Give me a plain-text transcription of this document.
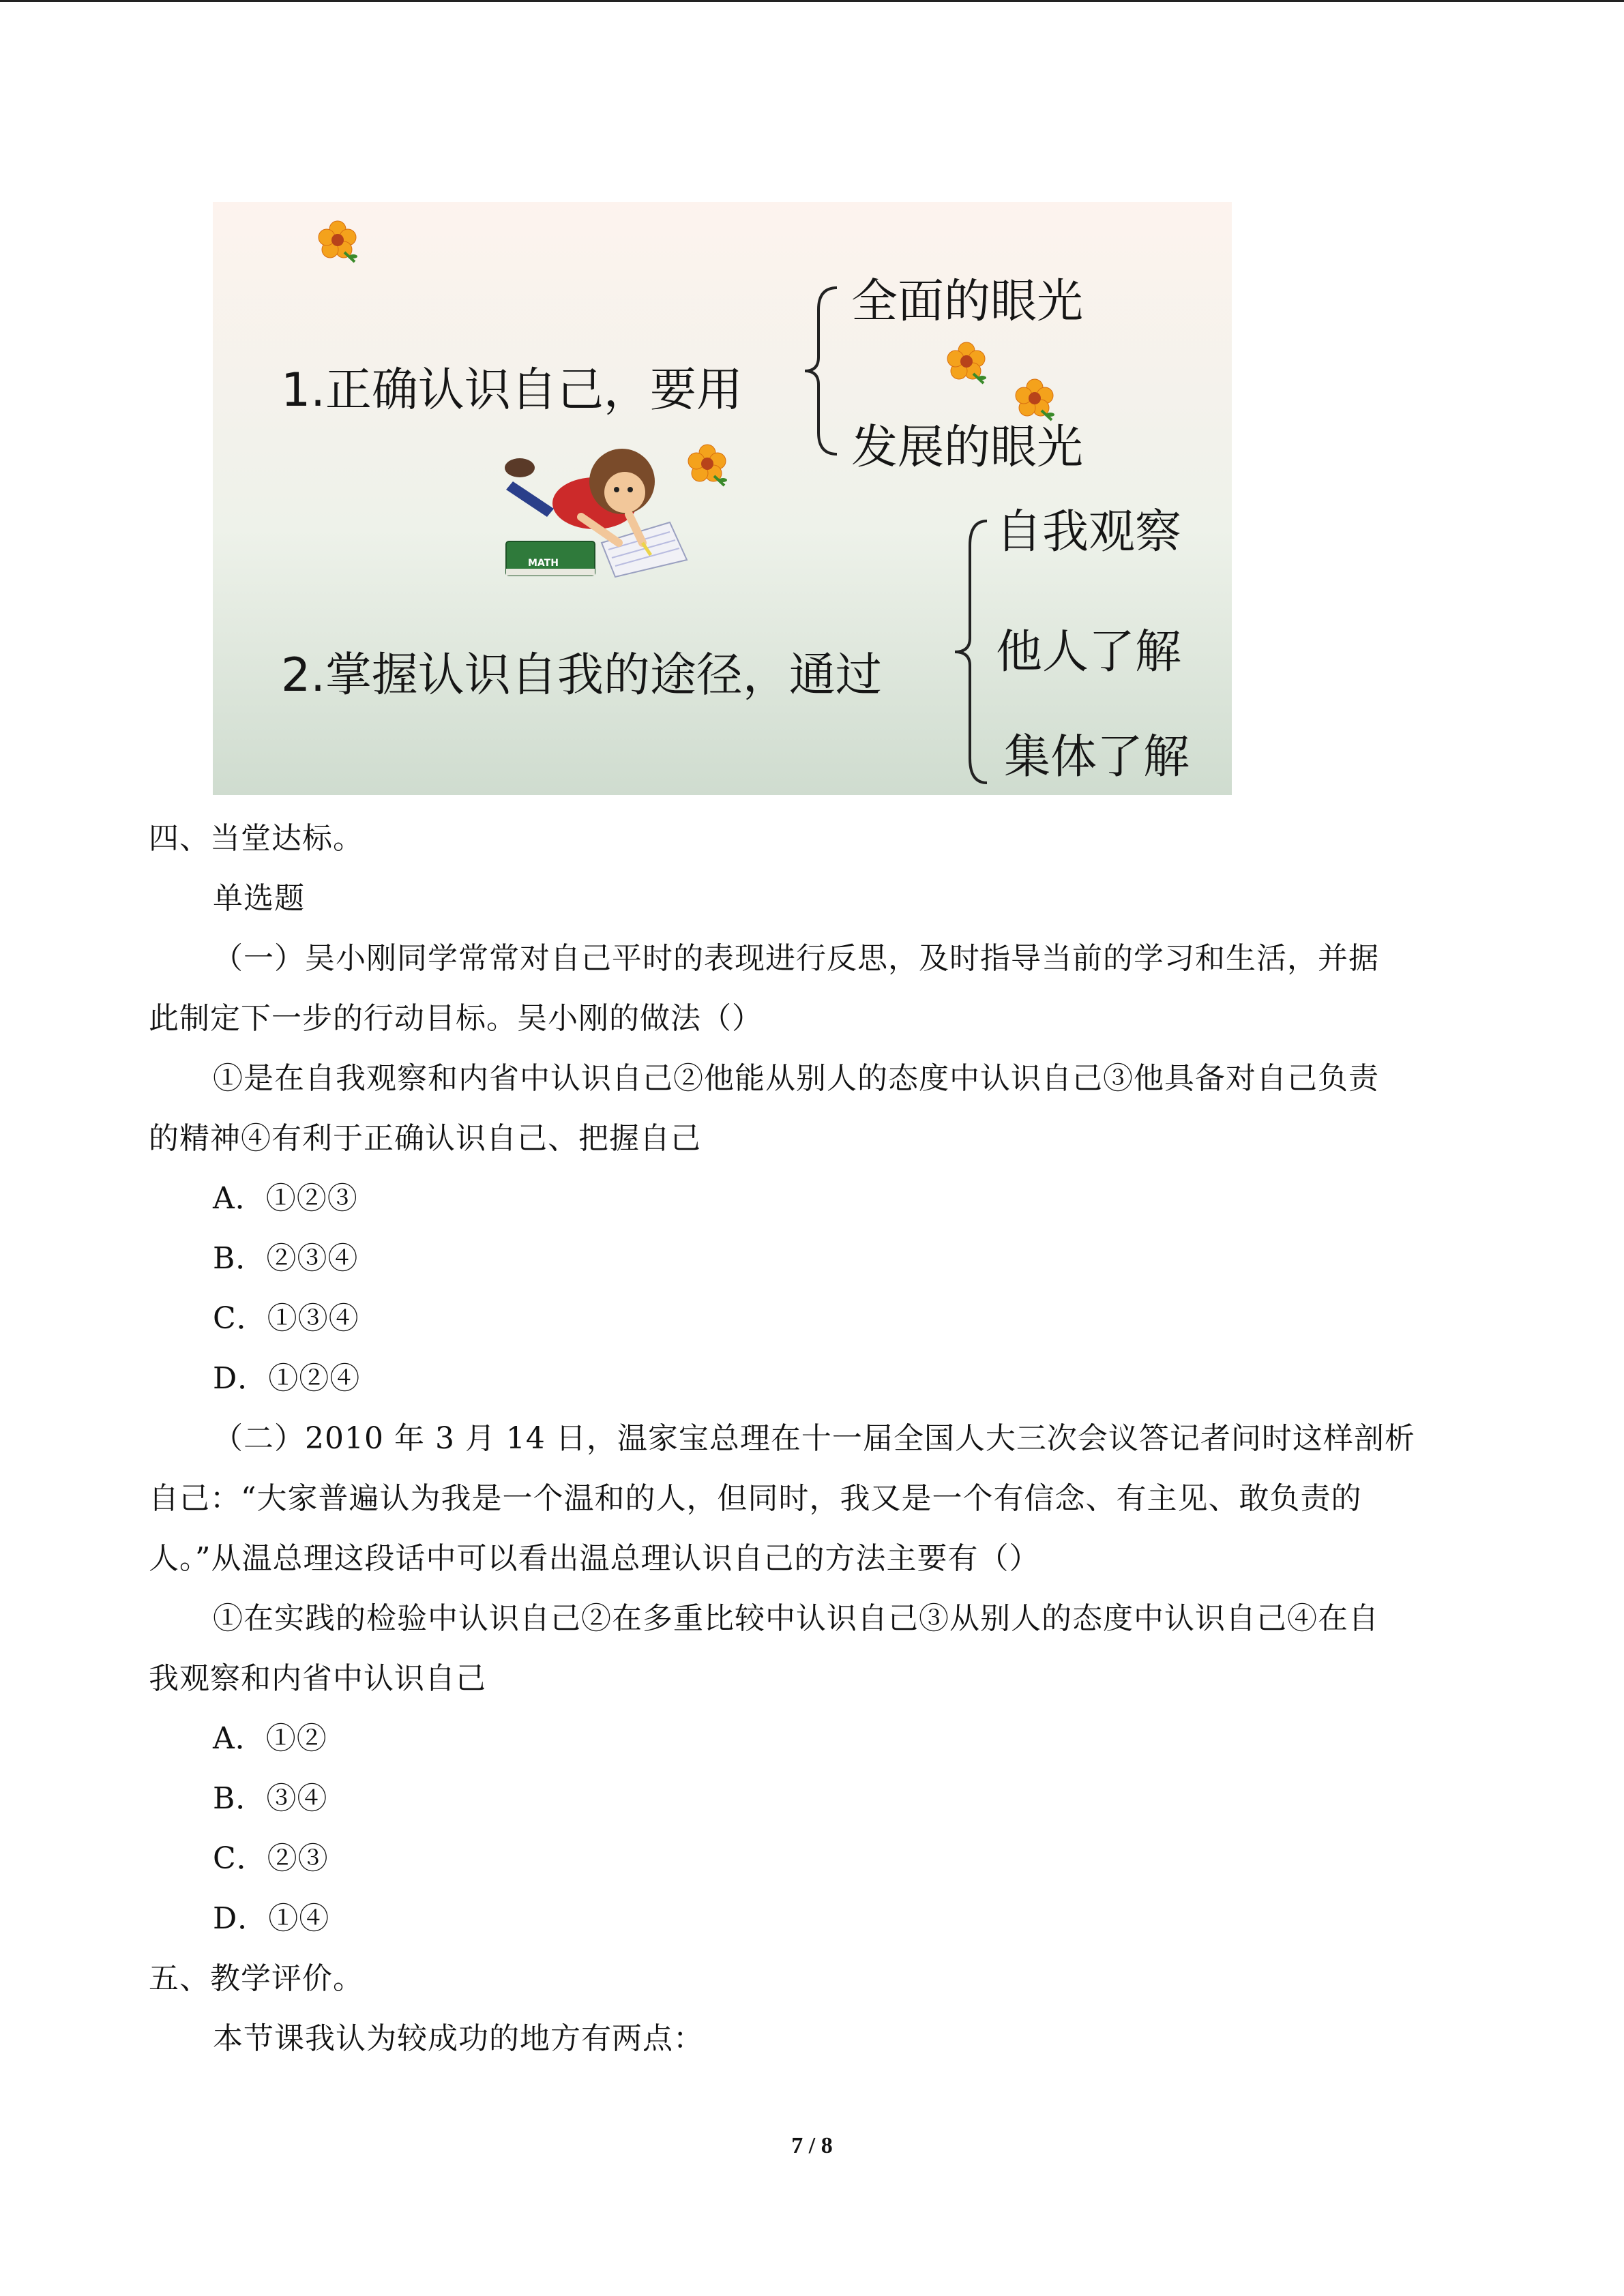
MATH
1.正确认识自己，要用
全面的眼光
发展的眼光
2.掌握认识自我的途径，通过
自我观察
他人了解
集体了解
四、当堂达标。
单选题
（一）吴小刚同学常常对自己平时的表现进行反思，及时指导当前的学习和生活，并据
此制定下一步的行动目标。吴小刚的做法（）
①是在自我观察和内省中认识自己②他能从别人的态度中认识自己③他具备对自己负责
的精神④有利于正确认识自己、把握自己
A．①②③
B．②③④
C．①③④
D．①②④
（二）2010 年 3 月 14 日，温家宝总理在十一届全国人大三次会议答记者问时这样剖析
自己：“大家普遍认为我是一个温和的人，但同时，我又是一个有信念、有主见、敢负责的
人。”从温总理这段话中可以看出温总理认识自己的方法主要有（）
①在实践的检验中认识自己②在多重比较中认识自己③从别人的态度中认识自己④在自
我观察和内省中认识自己
A．①②
B．③④
C．②③
D．①④
五、教学评价。
本节课我认为较成功的地方有两点：
7 / 8
